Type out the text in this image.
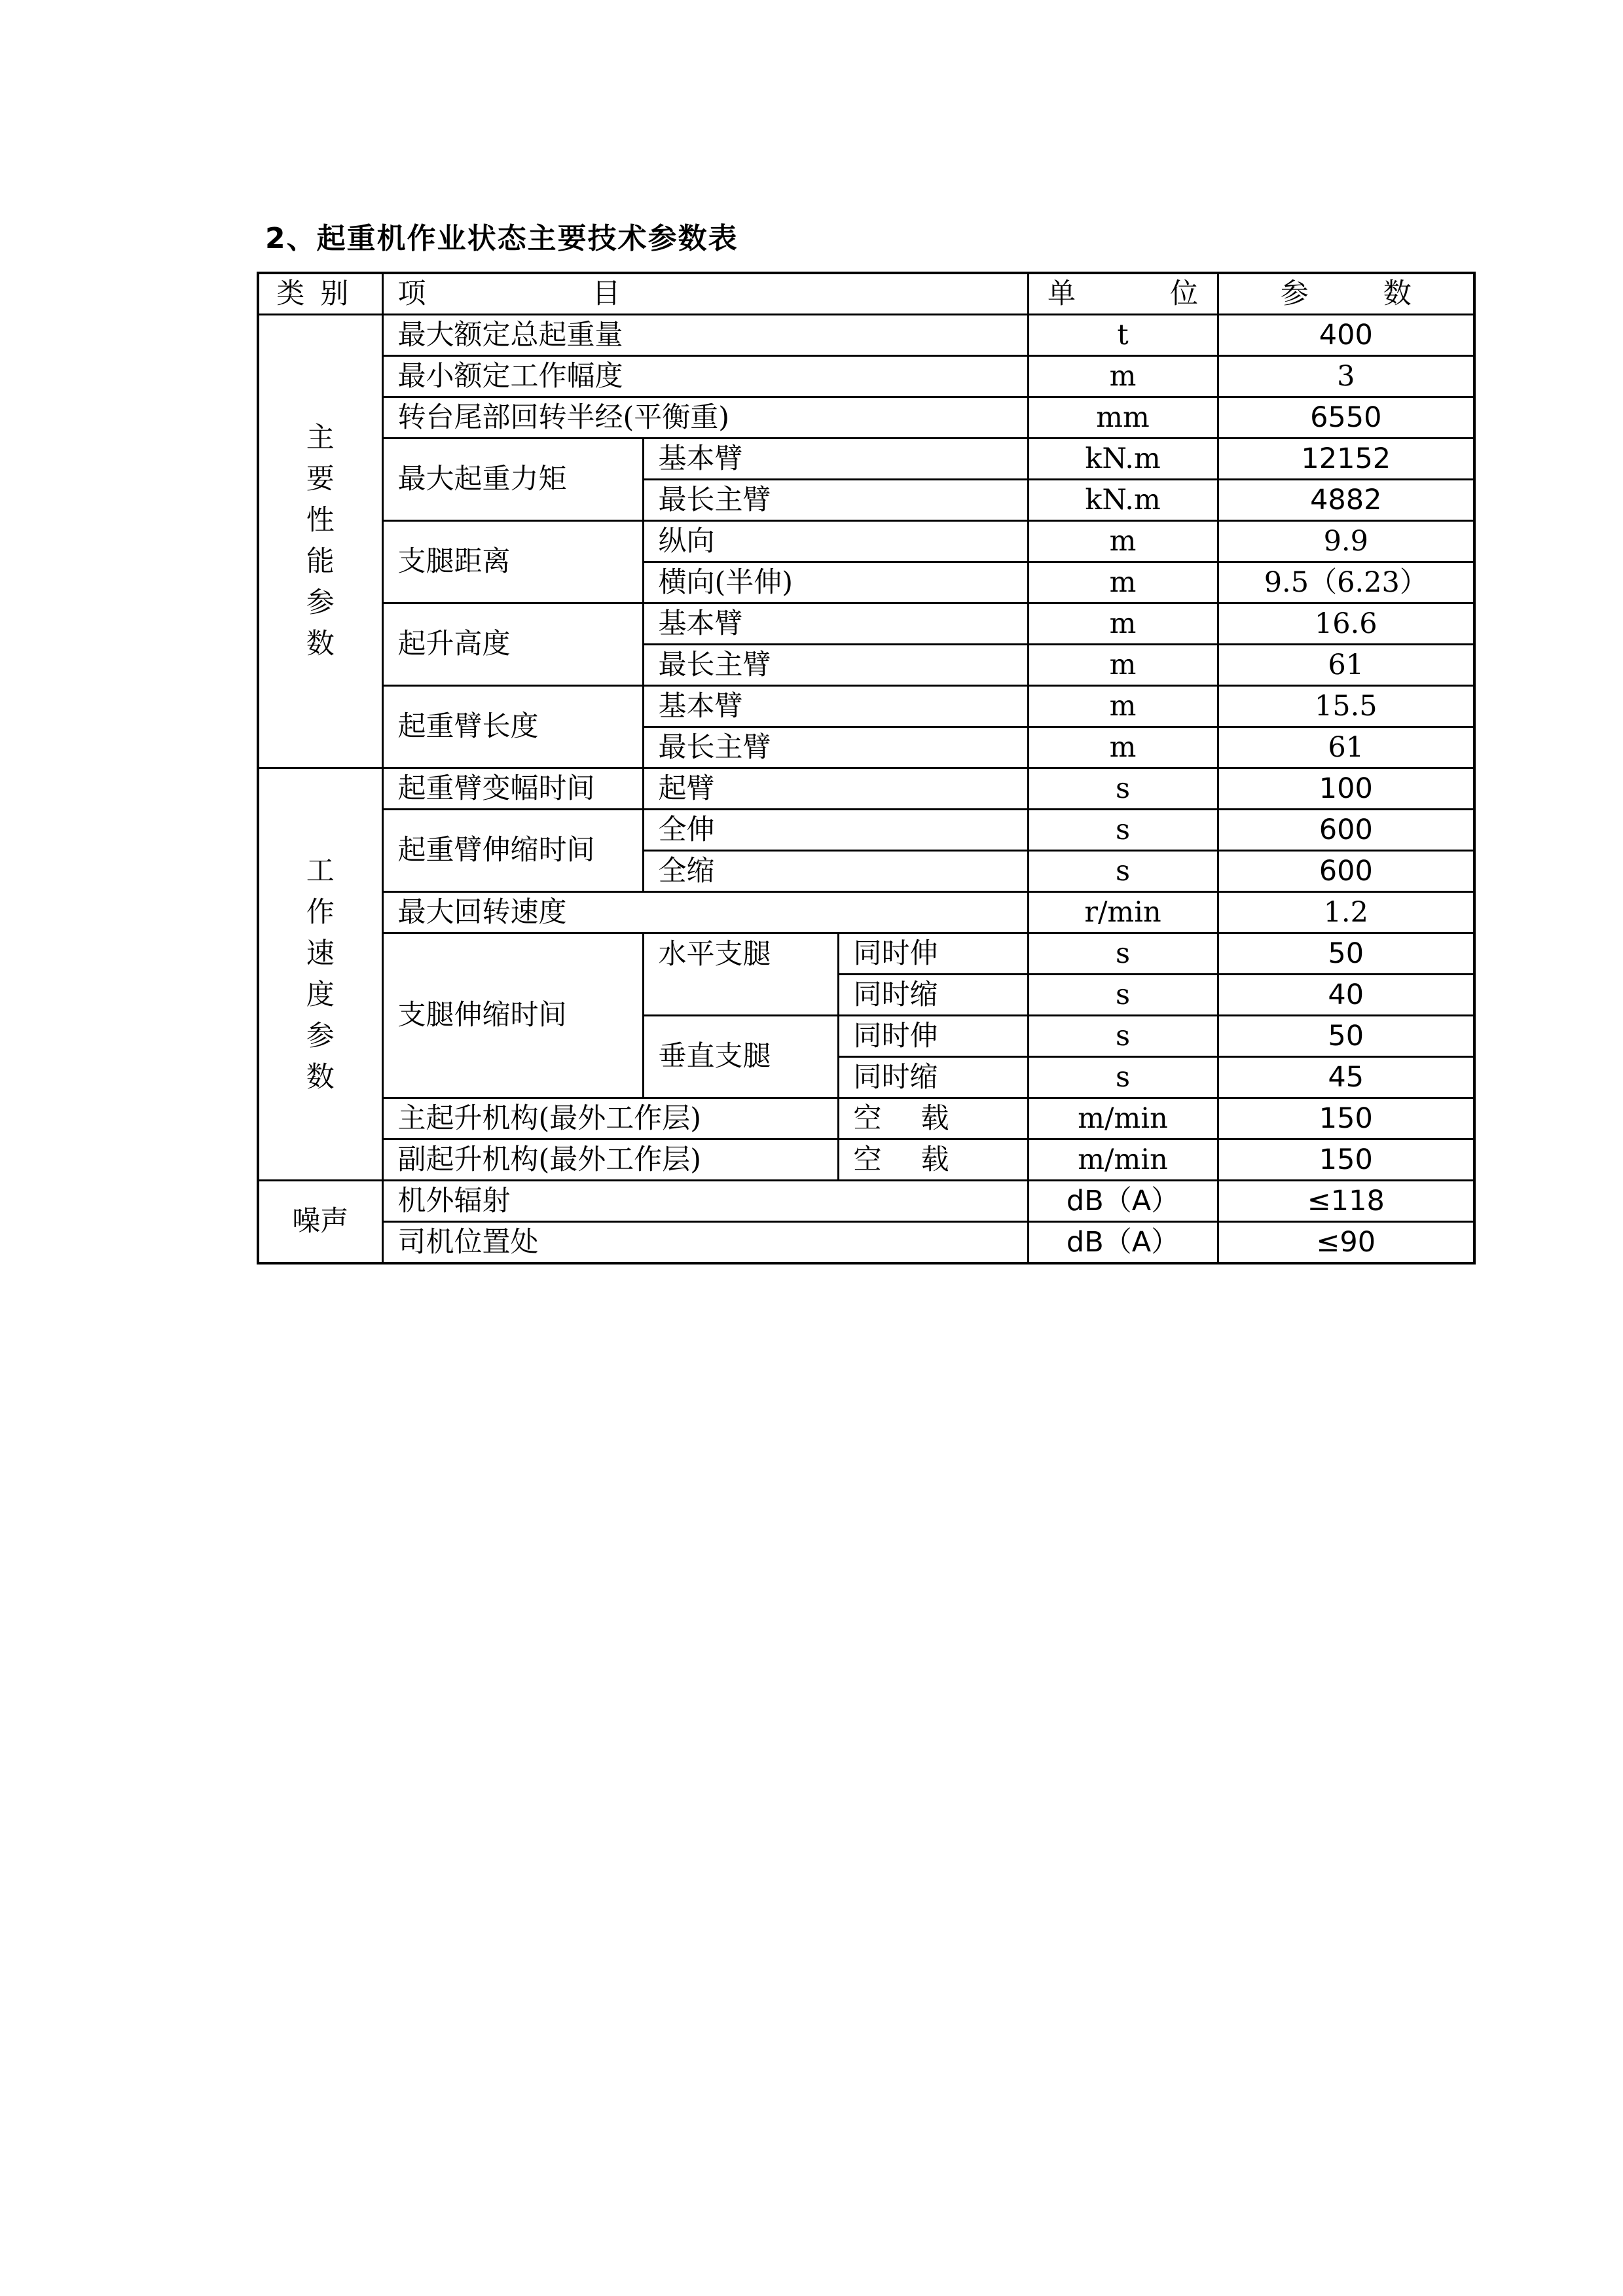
2、起重机作业状态主要技术参数表
类别	项目			单位	参数
主要性能参数	最大额定总起重量			t	400
	最小额定工作幅度			m	3
	转台尾部回转半经(平衡重)			mm	6550
	最大起重力矩	基本臂		kN.m	12152
		最长主臂		kN.m	4882
	支腿距离	纵向		m	9.9
		横向(半伸)		m	9.5（6.23）
	起升高度	基本臂		m	16.6
		最长主臂		m	61
	起重臂长度	基本臂		m	15.5
		最长主臂		m	61
工作速度参数	起重臂变幅时间	起臂		s	100
	起重臂伸缩时间	全伸		s	600
		全缩		s	600
	最大回转速度			r/min	1.2
	支腿伸缩时间	水平支腿	同时伸	s	50
			同时缩	s	40
		垂直支腿	同时伸	s	50
			同时缩	s	45
	主起升机构(最外工作层)		空载	m/min	150
	副起升机构(最外工作层)		空载	m/min	150
噪声	机外辐射			dB（A）	≤118
	司机位置处			dB（A）	≤90
